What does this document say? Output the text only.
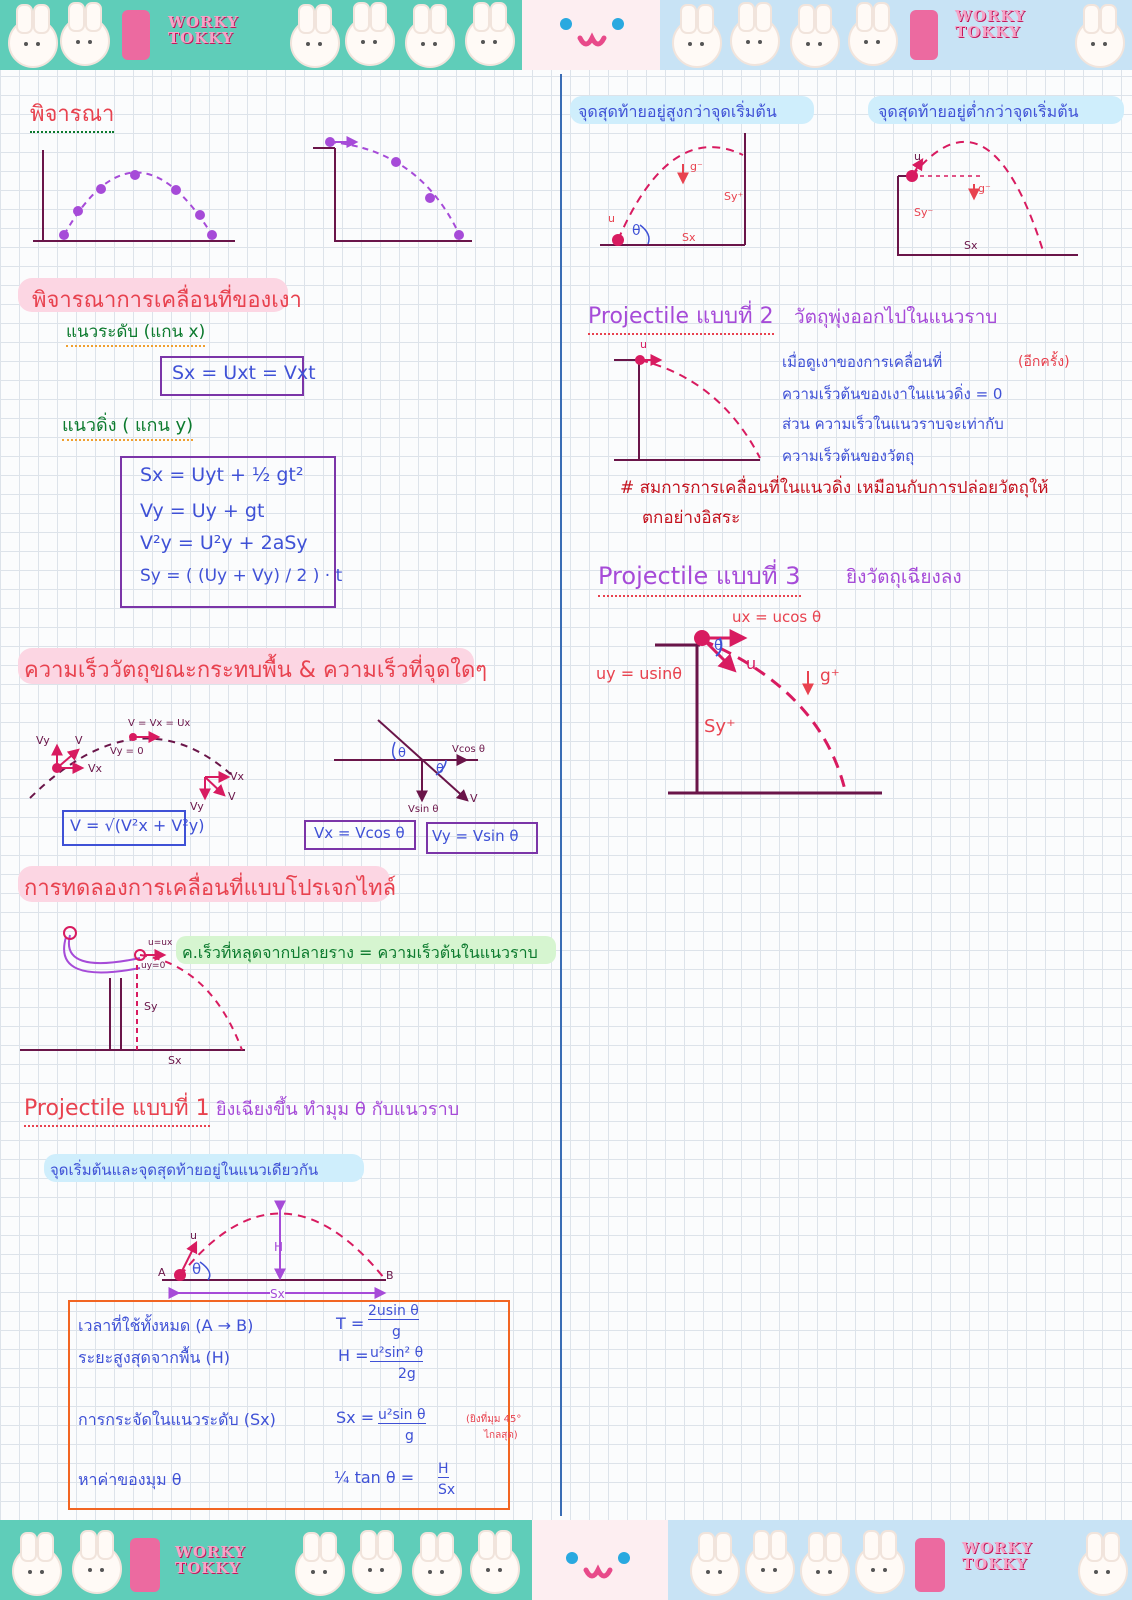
WORKY
TOKKY
WORKY
TOKKY
WORKY
TOKKY
WORKY
TOKKY
พิจารณา
พิจารณาการเคลื่อนที่ของเงา
แนวระดับ (แกน x)
Sx = Uxt = Vxt
แนวดิ่ง ( แกน y)
Sx = Uyt + ½ gt²
Vy = Uy + gt
V²y = U²y + 2aSy
Sy = ( (Uy + Vy) / 2 ) · t
ความเร็ววัตถุขณะกระทบพื้น & ความเร็วที่จุดใดๆ
Vy V
V = Vx = Ux
Vy = 0
Vx
Vx
Vy
V
Vcos θ
Vsin θ
V
θ
θ
V = √(V²x + V²y)	Vx = Vcos θ Vy = Vsin θ
การทดลองการเคลื่อนที่แบบโปรเจกไทล์
ค.เร็วที่หลุดจากปลายราง = ความเร็วต้นในแนวราบ
u=ux
uy=0
Sy
Sx
Projectile แบบที่ 1 ยิงเฉียงขึ้น ทำมุม θ กับแนวราบ
จุดเริ่มต้นและจุดสุดท้ายอยู่ในแนวเดียวกัน
u
θ
H
A	B
Sx
เวลาที่ใช้ทั้งหมด (A → B)	T =
2usin θ
g
ระยะสูงสุดจากพื้น (H)	H = u²sin² θ
2g
การกระจัดในแนวระดับ (Sx)	Sx = u²sin θ
g
(ยิงที่มุม 45°
ไกลสุด)
หาค่าของมุม θ	¼ tan θ = H
Sx
จุดสุดท้ายอยู่สูงกว่าจุดเริ่มต้น	จุดสุดท้ายอยู่ต่ำกว่าจุดเริ่มต้น
g⁻
Sy⁺
u
θ	Sx
u
g⁻
Sy⁻
Sx
Projectile แบบที่ 2 วัตถุพุ่งออกไปในแนวราบ
u
เมื่อดูเงาของการเคลื่อนที่	(อีกครั้ง)
ความเร็วต้นของเงาในแนวดิ่ง = 0
ส่วน ความเร็วในแนวราบจะเท่ากับ
ความเร็วต้นของวัตถุ
# สมการการเคลื่อนที่ในแนวดิ่ง เหมือนกับการปล่อยวัตถุให้
ตกอย่างอิสระ
Projectile แบบที่ 3 ยิงวัตถุเฉียงลง
ux = ucos θ
uy = usinθ
u
g⁺
Sy⁺
θ
